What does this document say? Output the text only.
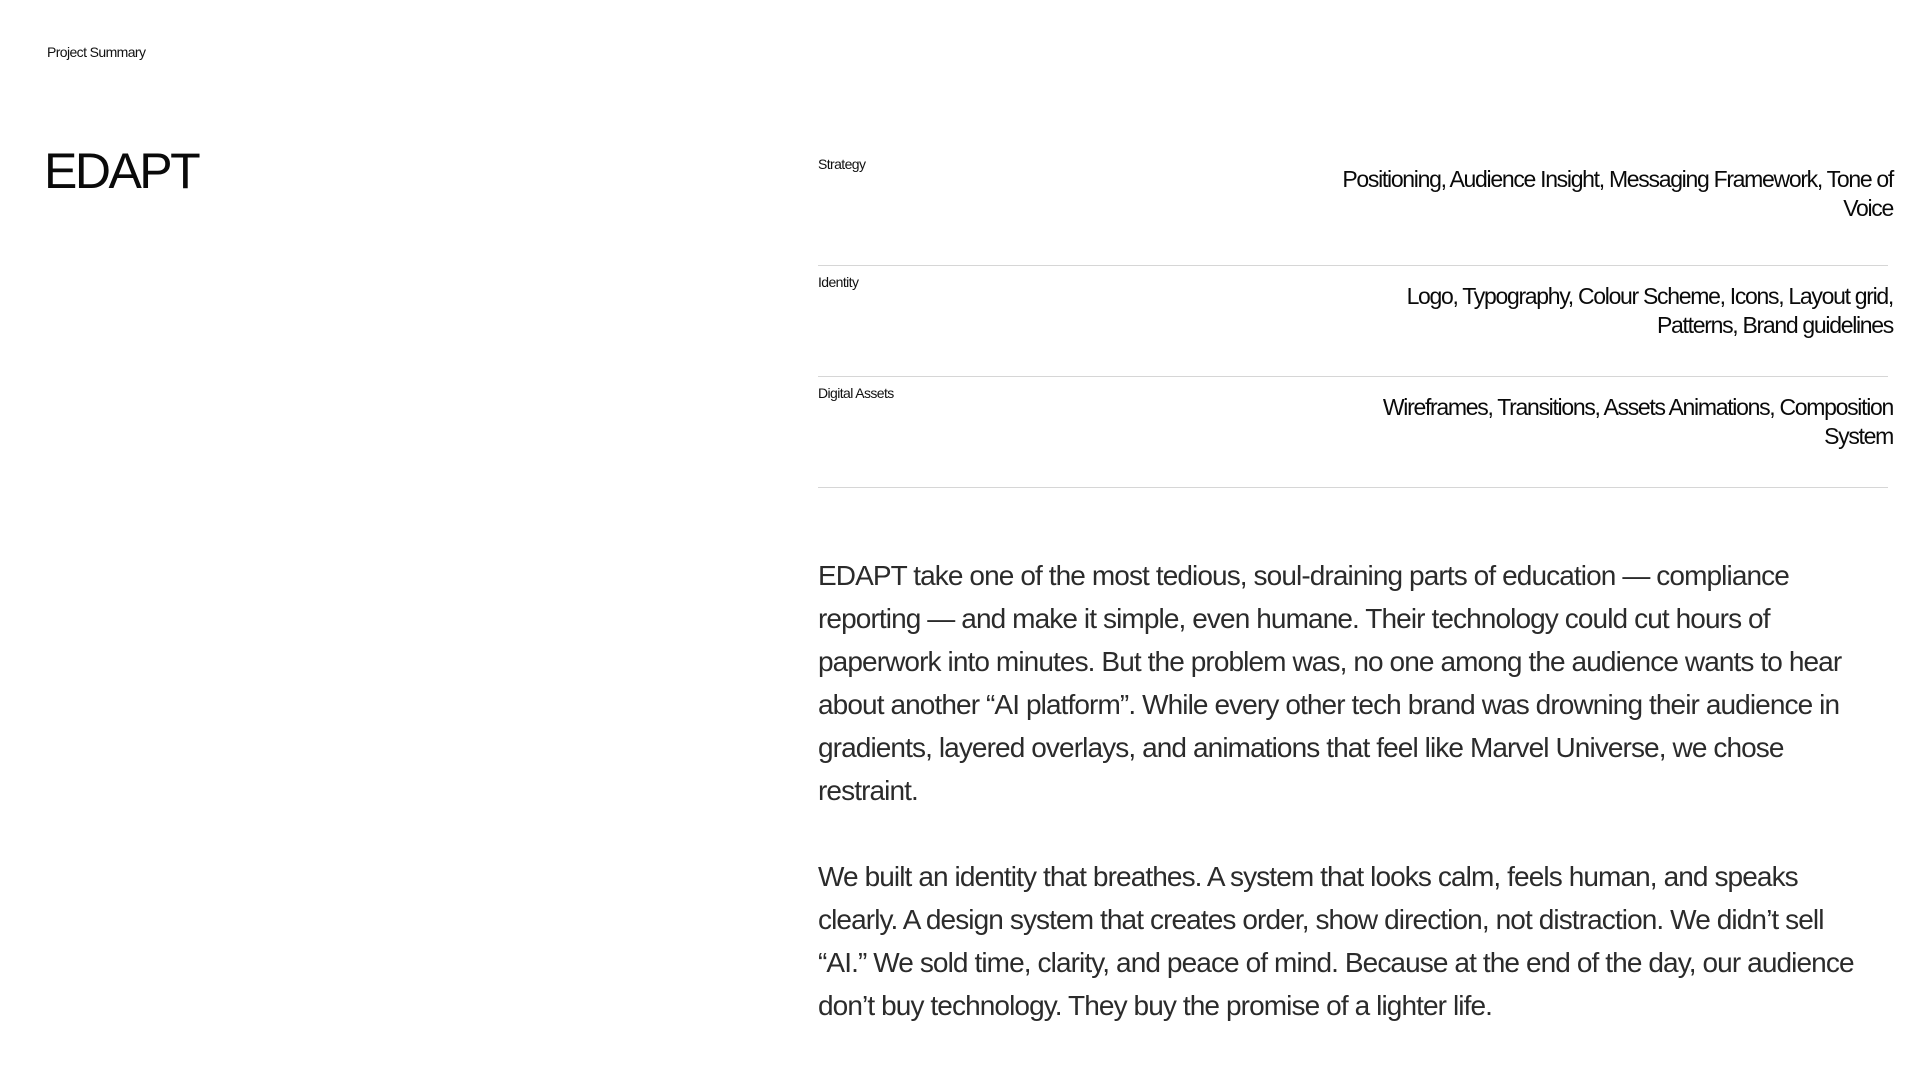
Project Summary
EDAPT	Strategy
Positioning, Audience Insight, Messaging Framework, Tone of Voice
Identity
Logo, Typography, Colour Scheme, Icons, Layout grid, Patterns, Brand guidelines
Digital Assets
Wireframes, Transitions, Assets Animations, Composition System

EDAPT take one of the most tedious, soul-draining parts of education — compliance reporting — and make it simple, even humane. Their technology could cut hours of paperwork into minutes. But the problem was, no one among the audience wants to hear about another “AI platform”. While every other tech brand was drowning their audience in gradients, layered overlays, and animations that feel like Marvel Universe, we chose restraint.

We built an identity that breathes. A system that looks calm, feels human, and speaks clearly. A design system that creates order, show direction, not distraction. We didn’t sell “AI.” We sold time, clarity, and peace of mind. Because at the end of the day, our audience don’t buy technology. They buy the promise of a lighter life.
